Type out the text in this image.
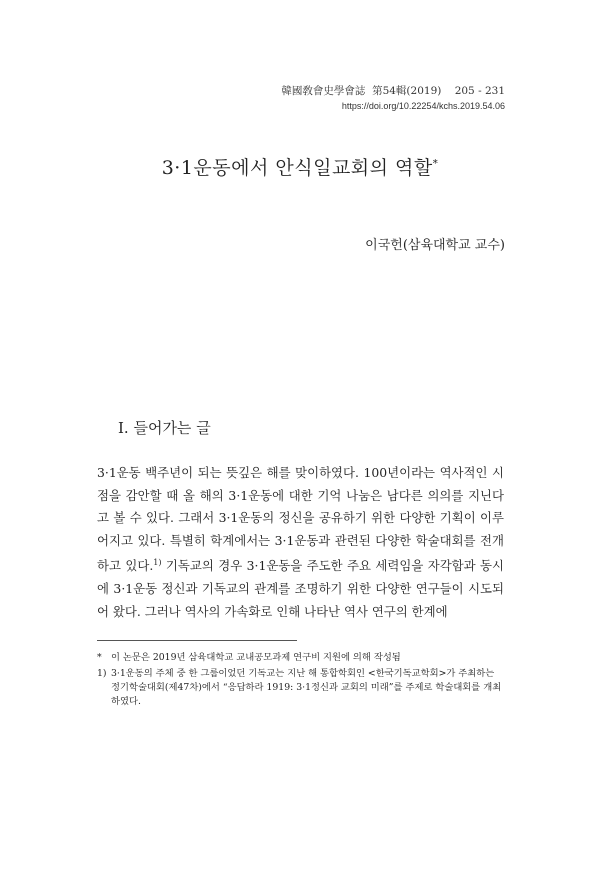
韓國敎會史學會誌  第54輯(2019)    205 - 231
https://doi.org/10.22254/kchs.2019.54.06
3·1운동에서 안식일교회의 역할*
이국헌(삼육대학교 교수)
I. 들어가는 글

3·1운동 백주년이 되는 뜻깊은 해를 맞이하였다. 100년이라는 역사적인 시점을 감안할 때 올 해의 3·1운동에 대한 기억 나눔은 남다른 의의를 지닌다고 볼 수 있다. 그래서 3·1운동의 정신을 공유하기 위한 다양한 기획이 이루어지고 있다. 특별히 학계에서는 3·1운동과 관련된 다양한 학술대회를 전개하고 있다.$^{1)}$ 기독교의 경우 3·1운동을 주도한 주요 세력임을 자각함과 동시에 3·1운동 정신과 기독교의 관계를 조명하기 위한 다양한 연구들이 시도되어 왔다. 그러나 역사의 가속화로 인해 나타난 역사 연구의 한계에

*	이 논문은 2019년 삼육대학교 교내공모과제 연구비 지원에 의해 작성됨
1) 3·1운동의 주체 중 한 그룹이었던 기독교는 지난 해 통합학회인 <한국기독교학회>가 주최하는 정기학술대회(제47차)에서 “응답하라 1919: 3·1정신과 교회의 미래”를 주제로 학술대회를 개최하였다.
